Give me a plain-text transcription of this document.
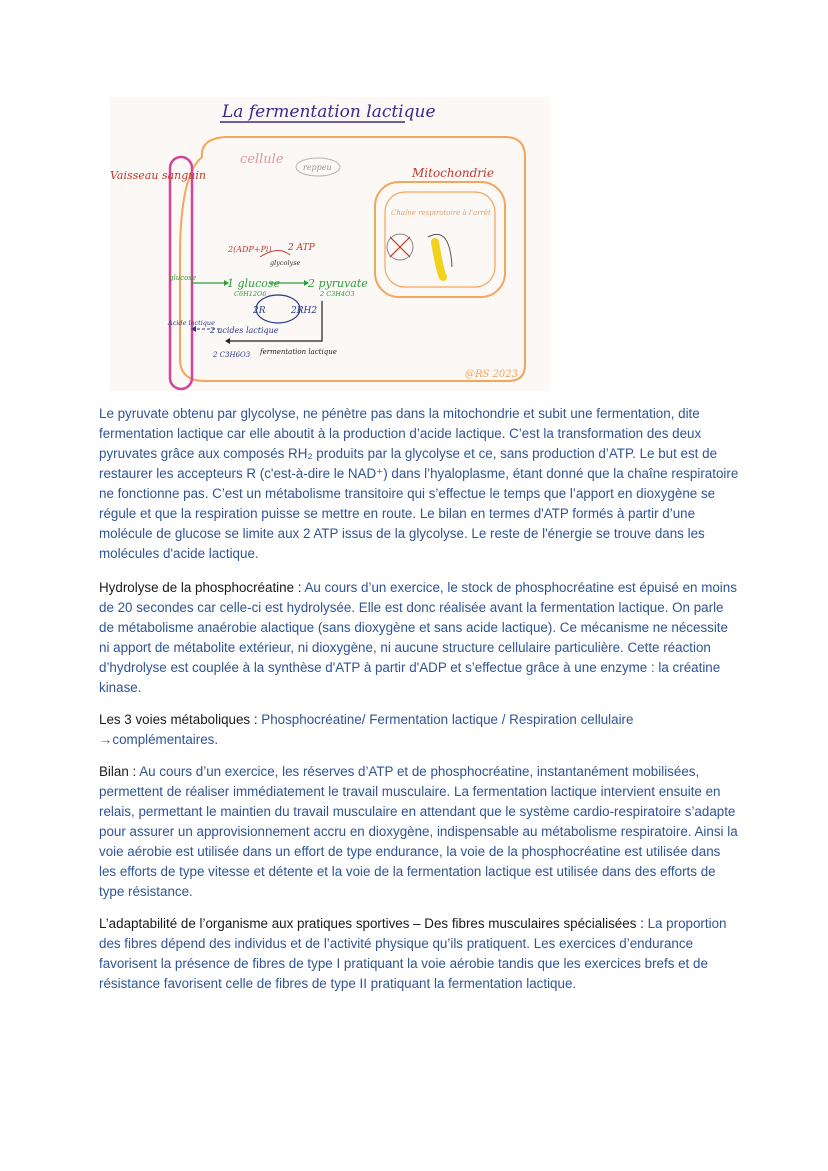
La fermentation lactique
cellule
reppeu	Mitochondrie
Chaîne respiratoire à l'arrêt
Vaisseau sanguin
glucose	1 glucose
C6H12O6
2 pyruvate
2 C3H4O3
2(ADP+Pi) 2 ATP
glycolyse
2R	2RH2
fermentation lactique
Acide lactique
2 acides lactique
2 C3H6O3
@RS 2023

Le pyruvate obtenu par glycolyse, ne pénètre pas dans la mitochondrie et subit une fermentation, dite fermentation lactique car elle aboutit à la production d’acide lactique. C’est la transformation des deux pyruvates grâce aux composés RH₂ produits par la glycolyse et ce, sans production d’ATP. Le but est de restaurer les accepteurs R (c'est-à-dire le NAD⁺) dans l’hyaloplasme, étant donné que la chaîne respiratoire ne fonctionne pas. C’est un métabolisme transitoire qui s’effectue le temps que l’apport en dioxygène se régule et que la respiration puisse se mettre en route. Le bilan en termes d'ATP formés à partir d’une molécule de glucose se limite aux 2 ATP issus de la glycolyse. Le reste de l'énergie se trouve dans les molécules d'acide lactique.

Hydrolyse de la phosphocréatine : Au cours d’un exercice, le stock de phosphocréatine est épuisé en moins de 20 secondes car celle-ci est hydrolysée. Elle est donc réalisée avant la fermentation lactique. On parle de métabolisme anaérobie alactique (sans dioxygène et sans acide lactique). Ce mécanisme ne nécessite ni apport de métabolite extérieur, ni dioxygène, ni aucune structure cellulaire particulière. Cette réaction d’hydrolyse est couplée à la synthèse d'ATP à partir d'ADP et s’effectue grâce à une enzyme : la créatine kinase.

Les 3 voies métaboliques : Phosphocréatine/ Fermentation lactique / Respiration cellulaire →complémentaires.

Bilan : Au cours d’un exercice, les réserves d’ATP et de phosphocréatine, instantanément mobilisées, permettent de réaliser immédiatement le travail musculaire. La fermentation lactique intervient ensuite en relais, permettant le maintien du travail musculaire en attendant que le système cardio-respiratoire s’adapte pour assurer un approvisionnement accru en dioxygène, indispensable au métabolisme respiratoire. Ainsi la voie aérobie est utilisée dans un effort de type endurance, la voie de la phosphocréatine est utilisée dans les efforts de type vitesse et détente et la voie de la fermentation lactique est utilisée dans des efforts de type résistance.

L’adaptabilité de l’organisme aux pratiques sportives – Des fibres musculaires spécialisées : La proportion des fibres dépend des individus et de l’activité physique qu’ils pratiquent. Les exercices d’endurance favorisent la présence de fibres de type I pratiquant la voie aérobie tandis que les exercices brefs et de résistance favorisent celle de fibres de type II pratiquant la fermentation lactique.
